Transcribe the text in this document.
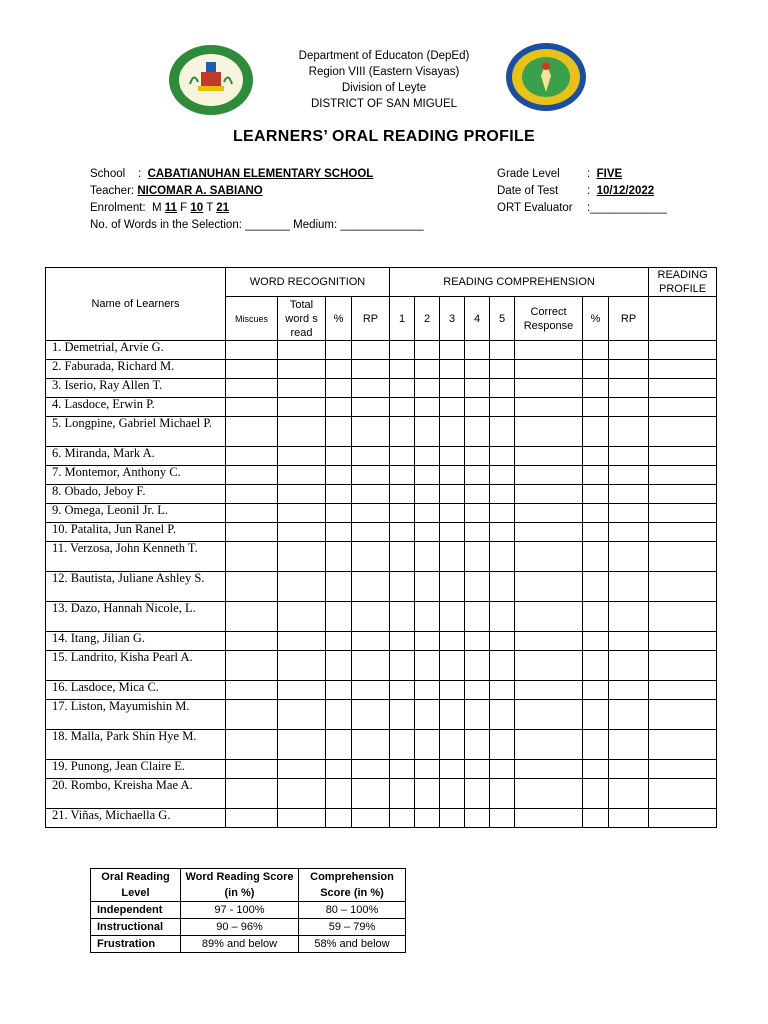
Department of Educaton (DepEd)
Region VIII (Eastern Visayas)
Division of Leyte
DISTRICT OF SAN MIGUEL
LEARNERS’ ORAL READING PROFILE
School :  CABATIANUHAN ELEMENTARY SCHOOL
Teacher: NICOMAR A. SABIANO
Enrolment: M 11 F 10 T 21
No. of Words in the Selection: _______ Medium: _____________
Grade Level :  FIVE
Date of Test	:  10/12/2022
ORT Evaluator :____________
Name of Learners	WORD RECOGNITION				READING COMPREHENSION								READING PROFILE
	Miscues	Total word s read	%	RP	1	2	3	4	5	Correct Response	%	RP	
1. Demetrial, Arvie G.													
2. Faburada, Richard M.													
3. Iserio, Ray Allen T.													
4. Lasdoce, Erwin P.													
5. Longpine, Gabriel Michael P.													
6. Miranda, Mark A.													
7. Montemor, Anthony C.													
8. Obado, Jeboy F.													
9. Omega, Leonil Jr. L.													
10. Patalita, Jun Ranel P.													
11. Verzosa, John Kenneth T.													
12. Bautista, Juliane Ashley S.													
13. Dazo, Hannah Nicole, L.													
14. Itang, Jilian G.													
15. Landrito, Kisha Pearl A.													
16. Lasdoce, Mica C.													
17. Liston, Mayumishin M.													
18. Malla, Park Shin Hye M.													
19. Punong, Jean Claire E.													
20. Rombo, Kreisha Mae A.													
21. Viñas, Michaella G.													
Oral Reading Level	Word Reading Score (in %)	Comprehension Score (in %)
Independent	97 - 100%	80 – 100%
Instructional	90 – 96%	59 – 79%
Frustration	89% and below	58% and below
